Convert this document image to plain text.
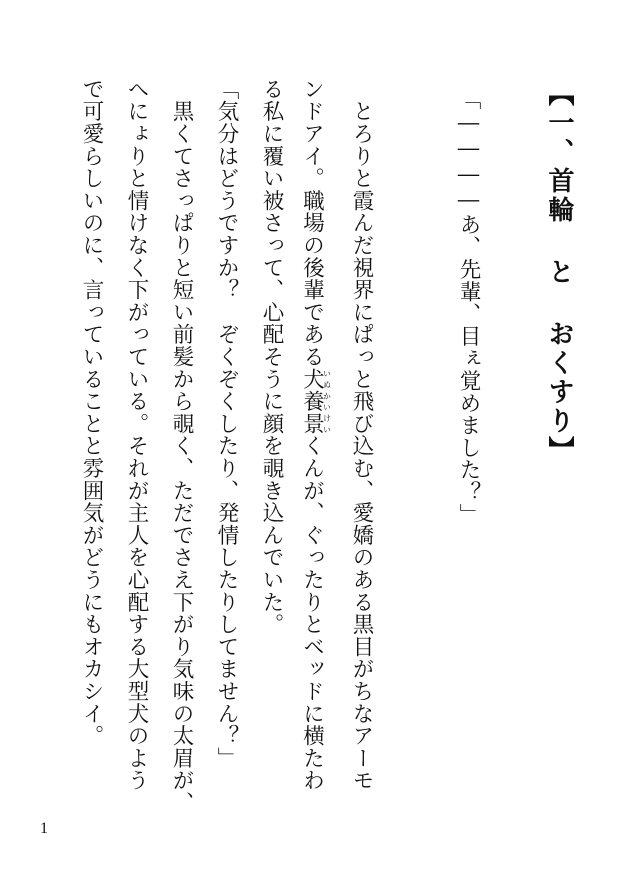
【一、首輪 と おくすり】
「――――あ、先輩、目ぇ覚めました？」
　とろりと霞んだ視界にぱっと飛び込む、愛嬌のある黒目がちなアーモ
ンドアイ。職場の後輩である犬養景いぬかいけいくんが、ぐったりとベッドに横たわ
る私に覆い被さって、心配そうに顔を覗き込んでいた。
「気分はどうですか？　ぞくぞくしたり、発情したりしてません？」
　黒くてさっぱりと短い前髪から覗く、ただでさえ下がり気味の太眉が、
へにょりと情けなく下がっている。それが主人を心配する大型犬のよう
で可愛らしいのに、言っていることと雰囲気がどうにもオカシイ。
1
